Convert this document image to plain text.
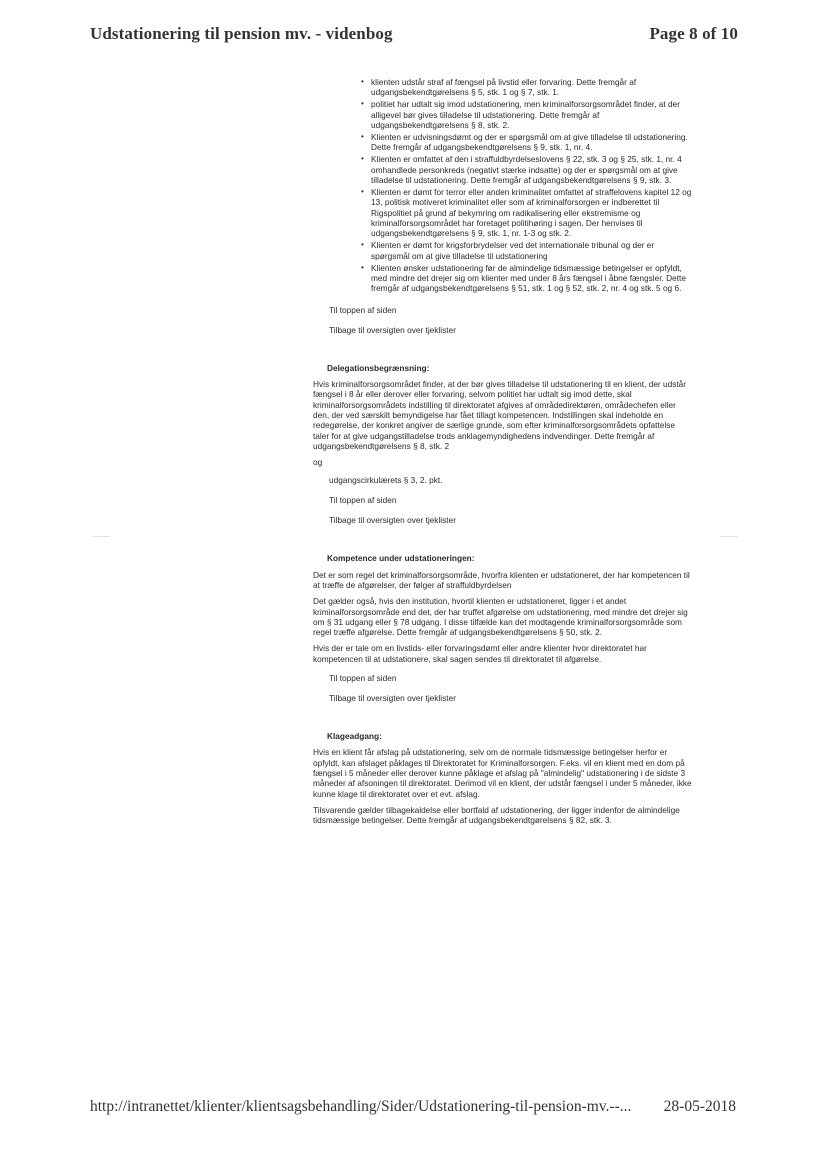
Udstationering til pension mv. - videnbog	Page 8 of 10
• klienten udstår straf af fængsel på livstid eller forvaring. Dette fremgår af udgangsbekendtgørelsens § 5, stk. 1 og § 7, stk. 1.
• politiet har udtalt sig imod udstationering, men kriminalforsorgsområdet finder, at der alligevel bør gives tilladelse til udstationering. Dette fremgår af udgangsbekendtgørelsens § 8, stk. 2.
• Klienten er udvisningsdømt og der er spørgsmål om at give tilladelse til udstationering. Dette fremgår af udgangsbekendtgørelsens § 9, stk. 1, nr. 4.
• Klienten er omfattet af den i straffuldbyrdelseslovens § 22, stk. 3 og § 25, stk. 1, nr. 4 omhandlede personkreds (negativt stærke indsatte) og der er spørgsmål om at give tilladelse til udstationering. Dette fremgår af udgangsbekendtgørelsens § 9, stk. 3.
• Klienten er dømt for terror eller anden kriminalitet omfattet af straffelovens kapitel 12 og 13, politisk motiveret kriminalitet eller som af kriminalforsorgen er indberettet til Rigspolitiet på grund af bekymring om radikalisering eller ekstremisme og kriminalforsorgsområdet har foretaget politihøring i sagen. Der henvises til udgangsbekendtgørelsens § 9, stk. 1, nr. 1-3 og stk. 2.
• Klienten er dømt for krigsforbrydelser ved det internationale tribunal og der er spørgsmål om at give tilladelse til udstationering
• Klienten ønsker udstationering før de almindelige tidsmæssige betingelser er opfyldt, med mindre det drejer sig om klienter med under 8 års fængsel i åbne fængsler. Dette fremgår af udgangsbekendtgørelsens § 51, stk. 1 og § 52, stk. 2, nr. 4 og stk. 5 og 6.
Til toppen af siden
Tilbage til oversigten over tjeklister
Delegationsbegrænsning:

Hvis kriminalforsorgsområdet finder, at der bør gives tilladelse til udstationering til en klient, der udstår fængsel i 8 år eller derover eller forvaring, selvom politiet har udtalt sig imod dette, skal kriminalforsorgsområdets indstilling til direktoratet afgives af områdedirektøren, områdechefen eller den, der ved særskilt bemyndigelse har fået tillagt kompetencen. Indstillingen skal indeholde en redegørelse, der konkret angiver de særlige grunde, som efter kriminalforsorgsområdets opfattelse taler for at give udgangstilladelse trods anklagemyndighedens indvendinger. Dette fremgår af udgangsbekendtgørelsens § 8, stk. 2

og

udgangscirkulærets § 3, 2. pkt.
Til toppen af siden
Tilbage til oversigten over tjeklister
Kompetence under udstationeringen:

Det er som regel det kriminalforsorgsområde, hvorfra klienten er udstationeret, der har kompetencen til at træffe de afgørelser, der følger af straffuldbyrdelsen

Det gælder også, hvis den institution, hvortil klienten er udstationeret, ligger i et andet kriminalforsorgsområde end det, der har truffet afgørelse om udstationering, med mindre det drejer sig om § 31 udgang eller § 78 udgang. I disse tilfælde kan det modtagende kriminalforsorgsområde som regel træffe afgørelse. Dette fremgår af udgangsbekendtgørelsens § 50, stk. 2.

Hvis der er tale om en livstids- eller forvaringsdømt eller andre klienter hvor direktoratet har kompetencen til at udstationere, skal sagen sendes til direktoratet til afgørelse.

Til toppen af siden
Tilbage til oversigten over tjeklister
Klageadgang:

Hvis en klient får afslag på udstationering, selv om de normale tidsmæssige betingelser herfor er opfyldt, kan afslaget påklages til Direktoratet for Kriminalforsorgen. F.eks. vil en klient med en dom på fængsel i 5 måneder eller derover kunne påklage et afslag på "almindelig" udstationering i de sidste 3 måneder af afsoningen til direktoratet. Derimod vil en klient, der udstår fængsel i under 5 måneder, ikke kunne klage til direktoratet over et evt. afslag.

Tilsvarende gælder tilbagekaldelse eller bortfald af udstationering, der ligger indenfor de almindelige tidsmæssige betingelser. Dette fremgår af udgangsbekendtgørelsens § 82, stk. 3.

http://intranettet/klienter/klientsagsbehandling/Sider/Udstationering-til-pension-mv.--... 28-05-2018
